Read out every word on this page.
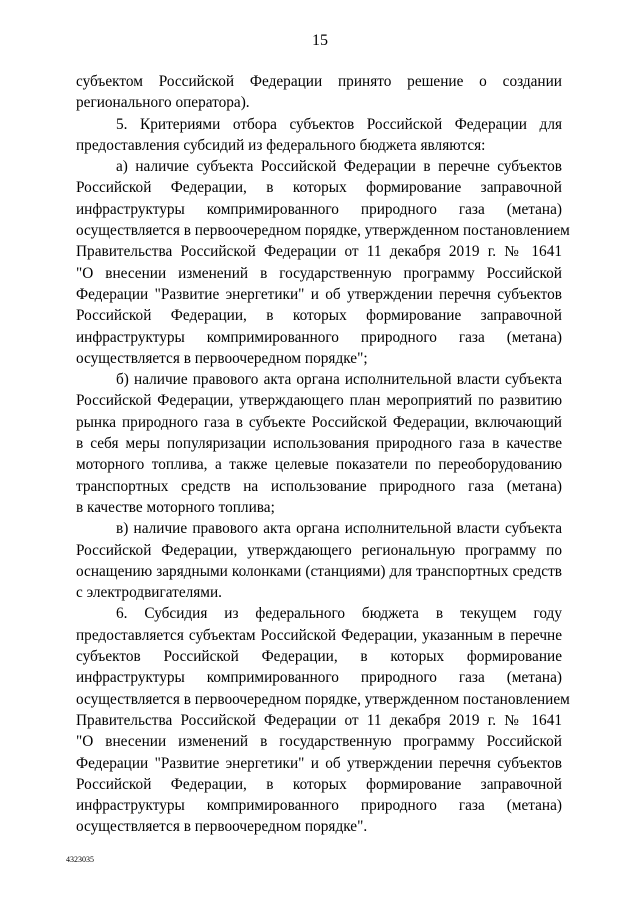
15
субъектом Российской Федерации принято решение о создании
регионального оператора).
5. Критериями отбора субъектов Российской Федерации для
предоставления субсидий из федерального бюджета являются:
а) наличие субъекта Российской Федерации в перечне субъектов
Российской Федерации, в которых формирование заправочной
инфраструктуры компримированного природного газа (метана)
осуществляется в первоочередном порядке, утвержденном постановлением
Правительства Российской Федерации от 11 декабря 2019 г. № 1641
"О внесении изменений в государственную программу Российской
Федерации "Развитие энергетики" и об утверждении перечня субъектов
Российской Федерации, в которых формирование заправочной
инфраструктуры компримированного природного газа (метана)
осуществляется в первоочередном порядке";
б) наличие правового акта органа исполнительной власти субъекта
Российской Федерации, утверждающего план мероприятий по развитию
рынка природного газа в субъекте Российской Федерации, включающий
в себя меры популяризации использования природного газа в качестве
моторного топлива, а также целевые показатели по переоборудованию
транспортных средств на использование природного газа (метана)
в качестве моторного топлива;
в) наличие правового акта органа исполнительной власти субъекта
Российской Федерации, утверждающего региональную программу по
оснащению зарядными колонками (станциями) для транспортных средств
с электродвигателями.
6. Субсидия из федерального бюджета в текущем году
предоставляется субъектам Российской Федерации, указанным в перечне
субъектов Российской Федерации, в которых формирование
инфраструктуры компримированного природного газа (метана)
осуществляется в первоочередном порядке, утвержденном постановлением
Правительства Российской Федерации от 11 декабря 2019 г. № 1641
"О внесении изменений в государственную программу Российской
Федерации "Развитие энергетики" и об утверждении перечня субъектов
Российской Федерации, в которых формирование заправочной
инфраструктуры компримированного природного газа (метана)
осуществляется в первоочередном порядке".
4323035
